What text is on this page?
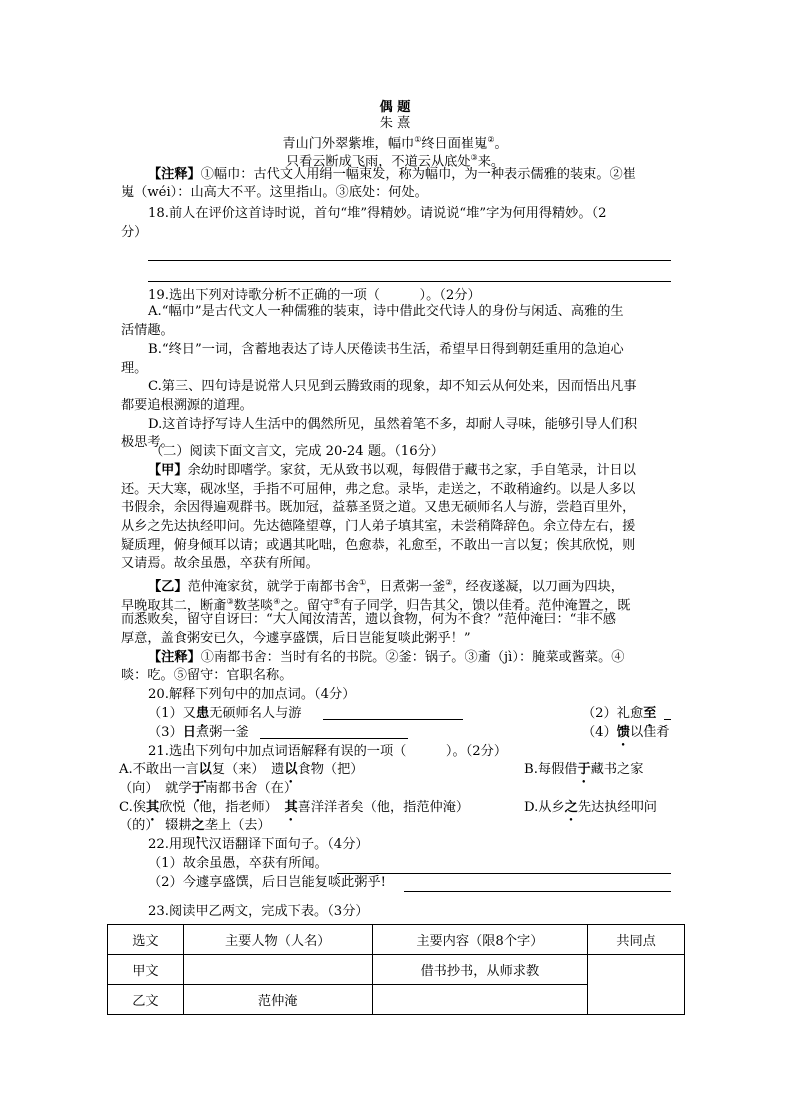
偶 题
朱 熹
青山门外翠紫堆，幅巾①终日面崔嵬②。
只看云断成飞雨，不道云从底处③来。
【注释】①幅巾：古代文人用绢一幅束发，称为幅巾，为一种表示儒雅的装束。②崔
嵬（wéi）：山高大不平。这里指山。③底处：何处。
18.前人在评价这首诗时说，首句“堆”得精妙。请说说“堆”字为何用得精妙。（2
分）
19.选出下列对诗歌分析不正确的一项（　　　）。（2分）
A.“幅巾”是古代文人一种儒雅的装束，诗中借此交代诗人的身份与闲适、高雅的生
活情趣。
B.“终日”一词，含蓄地表达了诗人厌倦读书生活，希望早日得到朝廷重用的急迫心
理。
C.第三、四句诗是说常人只见到云腾致雨的现象，却不知云从何处来，因而悟出凡事
都要追根溯源的道理。
D.这首诗抒写诗人生活中的偶然所见，虽然着笔不多，却耐人寻味，能够引导人们积
极思考。
（二）阅读下面文言文，完成 20-24 题。（16分）
【甲】余幼时即嗜学。家贫，无从致书以观，每假借于藏书之家，手自笔录，计日以
还。天大寒，砚冰坚，手指不可屈伸，弗之怠。录毕，走送之，不敢稍逾约。以是人多以
书假余，余因得遍观群书。既加冠，益慕圣贤之道。又患无硕师名人与游，尝趋百里外，
从乡之先达执经叩问。先达德隆望尊，门人弟子填其室，未尝稍降辞色。余立侍左右，援
疑质理，俯身倾耳以请；或遇其叱咄，色愈恭，礼愈至，不敢出一言以复；俟其欣悦，则
又请焉。故余虽愚，卒获有所闻。
【乙】范仲淹家贫，就学于南都书舍①，日煮粥一釜②，经夜遂凝，以刀画为四块，
早晚取其二，断齑③数茎啖④之。留守⑤有子同学，归告其父，馈以佳肴。范仲淹置之，既
而悉败矣，留守自讶曰：“大人闻汝清苦，遗以食物，何为不食？”范仲淹曰：“非不感
厚意，盖食粥安已久，今遽享盛馔，后日岂能复啖此粥乎！”
【注释】①南都书舍：当时有名的书院。②釜：锅子。③齑（jì）：腌菜或酱菜。④
啖：吃。⑤留守：官职名称。
20.解释下列句中的加点词。（4分）
（1）又患无硕师名人与游	（2）礼愈至
（3）日煮粥一釜	（4）馈以佳肴
21.选出下列句中加点词语解释有误的一项（　　　）。（2分）
A.不敢出一言以复（来）　遗以食物（把）	B.每假借于藏书之家
（向）　就学于南都书舍（在）
C.俟其欣悦（他，指老师）　其喜洋洋者矣（他，指范仲淹）	D.从乡之先达执经叩问
（的）　辍耕之垄上（去）
22.用现代汉语翻译下面句子。（4分）
（1）故余虽愚，卒获有所闻。
（2）今遽享盛馔，后日岂能复啖此粥乎!
23.阅读甲乙两文，完成下表。（3分）
选文	主要人物（人名）	主要内容（限8个字）	共同点
甲文		借书抄书，从师求教	
乙文	范仲淹		
